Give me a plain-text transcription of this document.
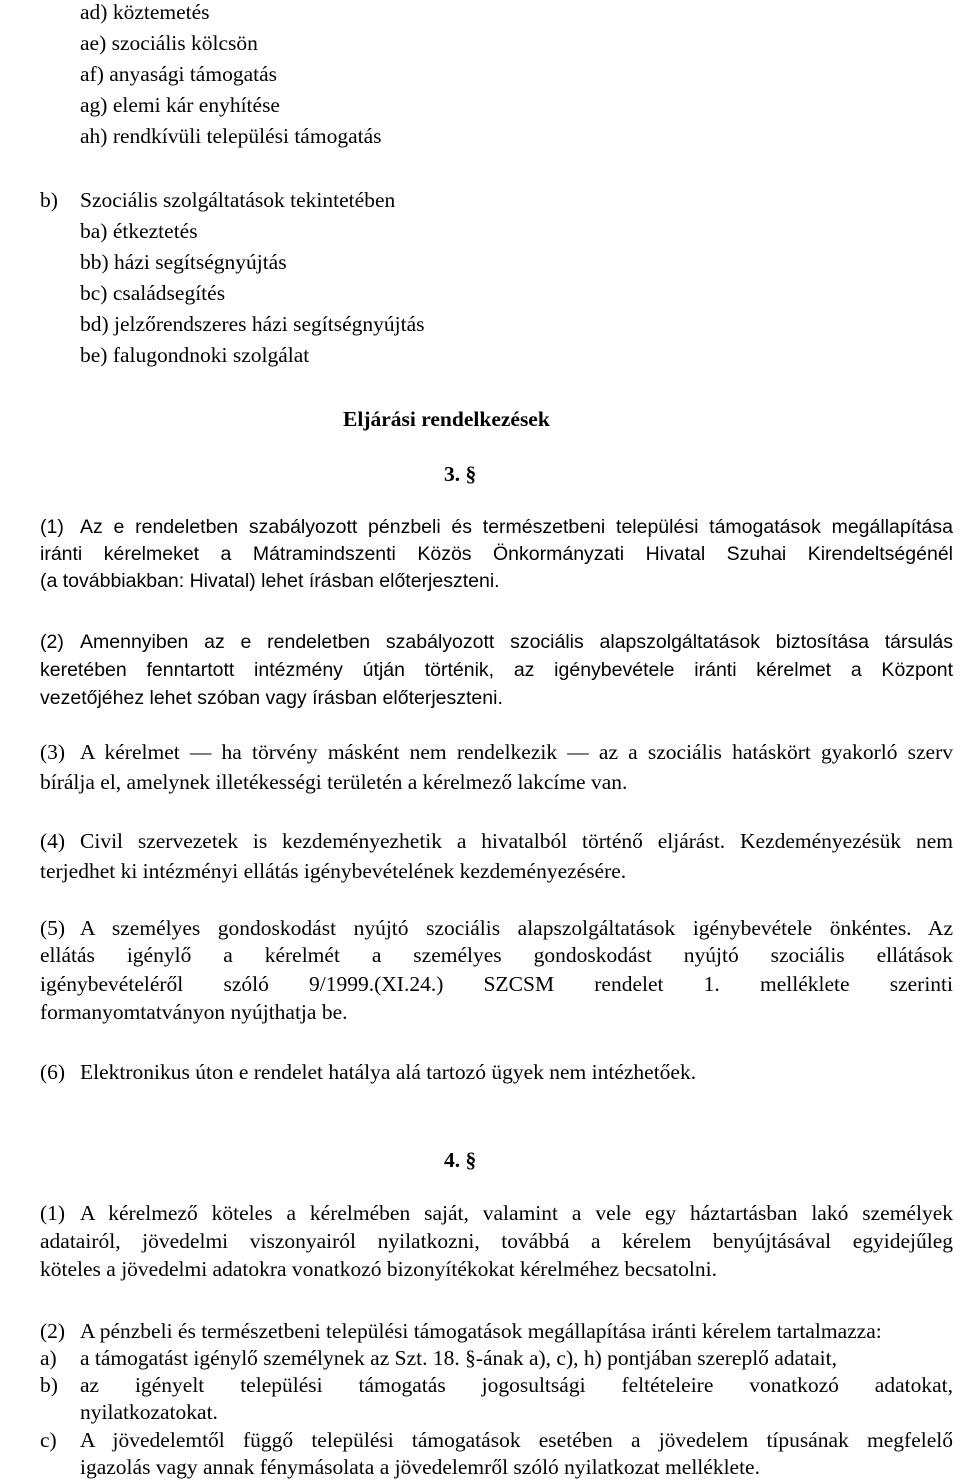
ad) köztemetés
ae) szociális kölcsön
af) anyasági támogatás
ag) elemi kár enyhítése
ah) rendkívüli települési támogatás
b) Szociális szolgáltatások tekintetében
ba) étkeztetés
bb) házi segítségnyújtás
bc) családsegítés
bd) jelzőrendszeres házi segítségnyújtás
be) falugondnoki szolgálat
Eljárási rendelkezések
3. §
(1) Az e rendeletben szabályozott pénzbeli és természetbeni települési támogatások megállapítása
iránti kérelmeket a Mátramindszenti Közös Önkormányzati Hivatal Szuhai Kirendeltségénél
(a továbbiakban: Hivatal) lehet írásban előterjeszteni.
(2) Amennyiben az e rendeletben szabályozott szociális alapszolgáltatások biztosítása társulás
keretében fenntartott intézmény útján történik, az igénybevétele iránti kérelmet a Központ
vezetőjéhez lehet szóban vagy írásban előterjeszteni.
(3) A kérelmet ― ha törvény másként nem rendelkezik ― az a szociális hatáskört gyakorló szerv
bírálja el, amelynek illetékességi területén a kérelmező lakcíme van.
(4) Civil szervezetek is kezdeményezhetik a hivatalból történő eljárást. Kezdeményezésük nem
terjedhet ki intézményi ellátás igénybevételének kezdeményezésére.
(5) A személyes gondoskodást nyújtó szociális alapszolgáltatások igénybevétele önkéntes. Az
ellátás igénylő a kérelmét a személyes gondoskodást nyújtó szociális ellátások
igénybevételéről szóló 9/1999.(XI.24.) SZCSM rendelet 1. melléklete szerinti
formanyomtatványon nyújthatja be.
(6) Elektronikus úton e rendelet hatálya alá tartozó ügyek nem intézhetőek.
4. §
(1) A kérelmező köteles a kérelmében saját, valamint a vele egy háztartásban lakó személyek
adatairól, jövedelmi viszonyairól nyilatkozni, továbbá a kérelem benyújtásával egyidejűleg
köteles a jövedelmi adatokra vonatkozó bizonyítékokat kérelméhez becsatolni.
(2) A pénzbeli és természetbeni települési támogatások megállapítása iránti kérelem tartalmazza:
a) a támogatást igénylő személynek az Szt. 18. §-ának a), c), h) pontjában szereplő adatait,
b) az igényelt települési támogatás jogosultsági feltételeire vonatkozó adatokat,
nyilatkozatokat.
c) A jövedelemtől függő települési támogatások esetében a jövedelem típusának megfelelő
igazolás vagy annak fénymásolata a jövedelemről szóló nyilatkozat melléklete.
